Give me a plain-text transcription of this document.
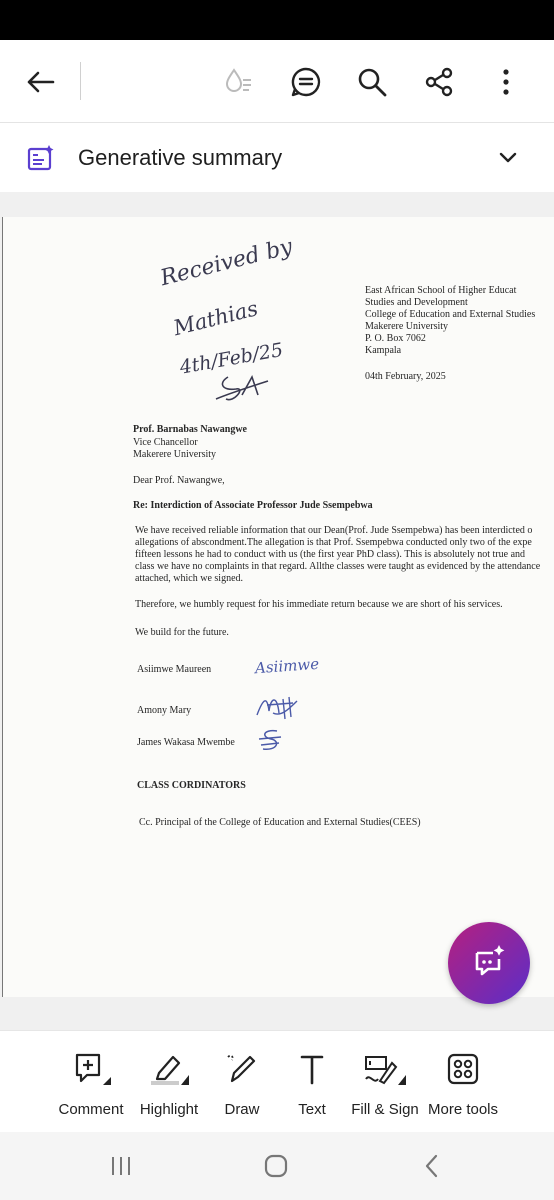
Generative summary
Received by
Mathias
4th/Feb/25
East African School of Higher Educat
Studies and Development
College of Education and External Studies
Makerere University
P. O. Box 7062
Kampala
04th February, 2025
Prof. Barnabas Nawangwe
Vice Chancellor
Makerere University
Dear Prof. Nawangwe,
Re: Interdiction of Associate Professor Jude Ssempebwa
We have received reliable information that our Dean(Prof. Jude Ssempebwa) has been interdicted o
allegations of abscondment.The allegation is that Prof. Ssempebwa conducted only two of the expe
fifteen lessons he had to conduct with us (the first year PhD class). This is absolutely not true and
class we have no complaints in that regard. Allthe classes were taught as evidenced by the attendance
attached, which we signed.
Therefore, we humbly request for his immediate return because we are short of his services.
We build for the future.
Asiimwe Maureen	Asiimwe
Amony Mary
James Wakasa Mwembe
CLASS CORDINATORS
Cc. Principal of the College of Education and External Studies(CEES)
Comment	Highlight	Draw	Text	Fill & Sign More tools
